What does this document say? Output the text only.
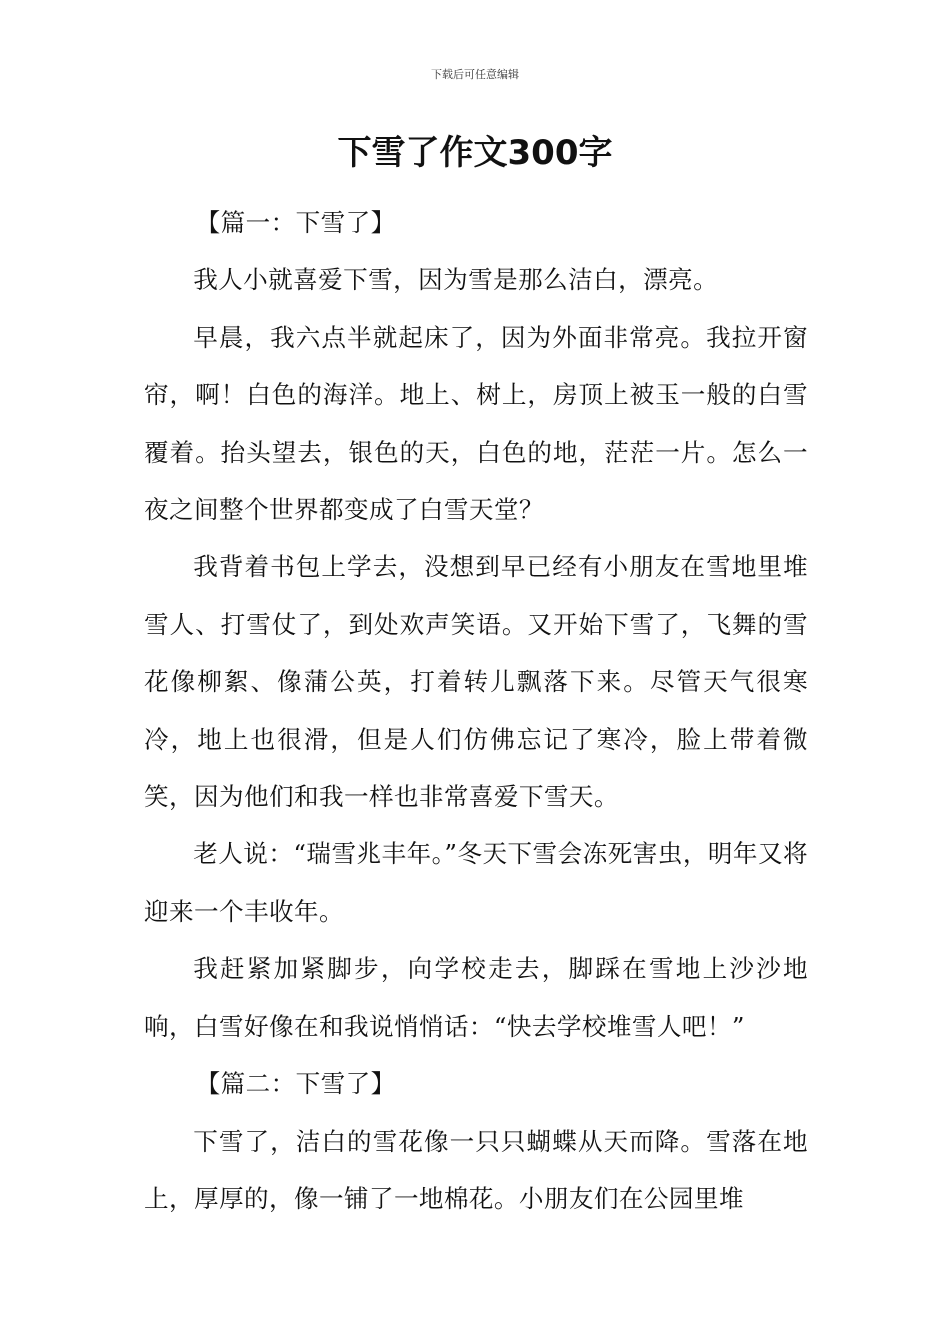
下载后可任意编辑
下雪了作文300字

【篇一：下雪了】

我人小就喜爱下雪，因为雪是那么洁白，漂亮。

早晨，我六点半就起床了，因为外面非常亮。我拉开窗帘，啊！白色的海洋。地上、树上，房顶上被玉一般的白雪覆着。抬头望去，银色的天，白色的地，茫茫一片。怎么一夜之间整个世界都变成了白雪天堂？

我背着书包上学去，没想到早已经有小朋友在雪地里堆雪人、打雪仗了，到处欢声笑语。又开始下雪了，飞舞的雪花像柳絮、像蒲公英，打着转儿飘落下来。尽管天气很寒冷，地上也很滑，但是人们仿佛忘记了寒冷，脸上带着微笑，因为他们和我一样也非常喜爱下雪天。

老人说：“瑞雪兆丰年。”冬天下雪会冻死害虫，明年又将迎来一个丰收年。

我赶紧加紧脚步，向学校走去，脚踩在雪地上沙沙地响，白雪好像在和我说悄悄话：“快去学校堆雪人吧！”

【篇二：下雪了】

下雪了，洁白的雪花像一只只蝴蝶从天而降。雪落在地上，厚厚的，像一铺了一地棉花。小朋友们在公园里堆
